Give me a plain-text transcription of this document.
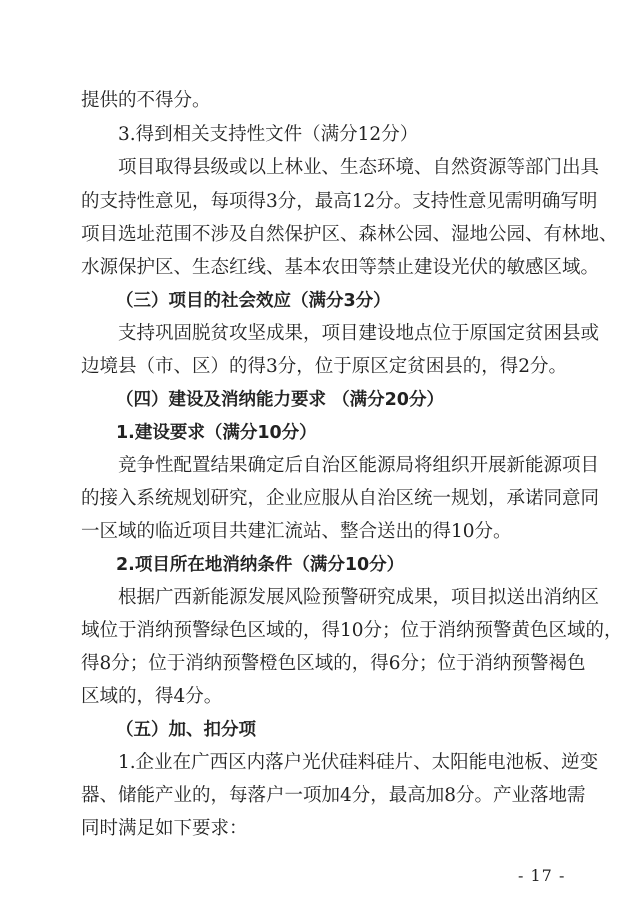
提供的不得分。
3.得到相关支持性文件（满分12分）
项目取得县级或以上林业、生态环境、自然资源等部门出具
的支持性意见，每项得3分，最高12分。支持性意见需明确写明
项目选址范围不涉及自然保护区、森林公园、湿地公园、有林地、
水源保护区、生态红线、基本农田等禁止建设光伏的敏感区域。
（三）项目的社会效应（满分3分）
支持巩固脱贫攻坚成果，项目建设地点位于原国定贫困县或
边境县（市、区）的得3分，位于原区定贫困县的，得2分。
（四）建设及消纳能力要求 （满分20分）
1.建设要求（满分10分）
竞争性配置结果确定后自治区能源局将组织开展新能源项目
的接入系统规划研究，企业应服从自治区统一规划，承诺同意同
一区域的临近项目共建汇流站、整合送出的得10分。
2.项目所在地消纳条件（满分10分）
根据广西新能源发展风险预警研究成果，项目拟送出消纳区
域位于消纳预警绿色区域的，得10分；位于消纳预警黄色区域的，
得8分；位于消纳预警橙色区域的，得6分；位于消纳预警褐色
区域的，得4分。
（五）加、扣分项
1.企业在广西区内落户光伏硅料硅片、太阳能电池板、逆变
器、储能产业的，每落户一项加4分，最高加8分。产业落地需
同时满足如下要求：
- 17 -
